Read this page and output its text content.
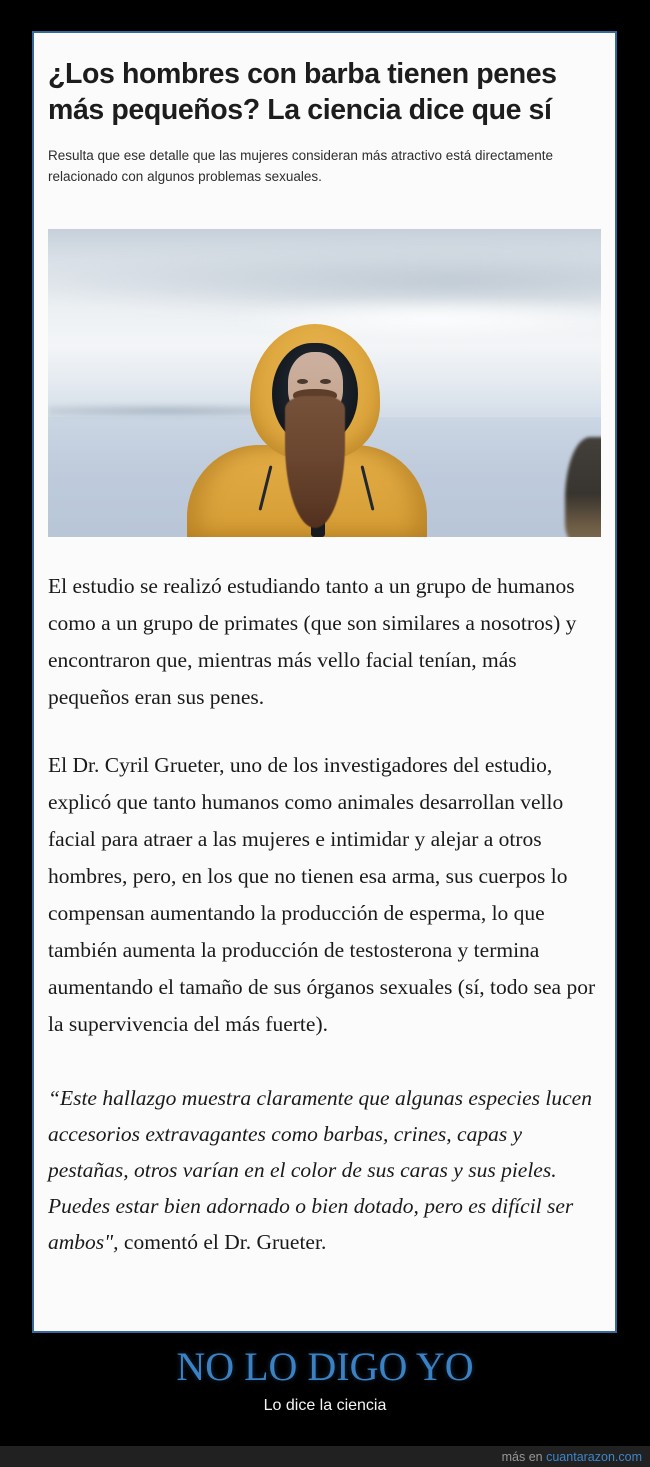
¿Los hombres con barba tienen penes más pequeños? La ciencia dice que sí

Resulta que ese detalle que las mujeres consideran más atractivo está directamente relacionado con algunos problemas sexuales.

El estudio se realizó estudiando tanto a un grupo de humanos como a un grupo de primates (que son similares a nosotros) y encontraron que, mientras más vello facial tenían, más pequeños eran sus penes.

El Dr. Cyril Grueter, uno de los investigadores del estudio, explicó que tanto humanos como animales desarrollan vello facial para atraer a las mujeres e intimidar y alejar a otros hombres, pero, en los que no tienen esa arma, sus cuerpos lo compensan aumentando la producción de esperma, lo que también aumenta la producción de testosterona y termina aumentando el tamaño de sus órganos sexuales (sí, todo sea por la supervivencia del más fuerte).

“Este hallazgo muestra claramente que algunas especies lucen accesorios extravagantes como barbas, crines, capas y pestañas, otros varían en el color de sus caras y sus pieles. Puedes estar bien adornado o bien dotado, pero es difícil ser ambos", comentó el Dr. Grueter.

NO LO DIGO YO
Lo dice la ciencia
más en cuantarazon.com
